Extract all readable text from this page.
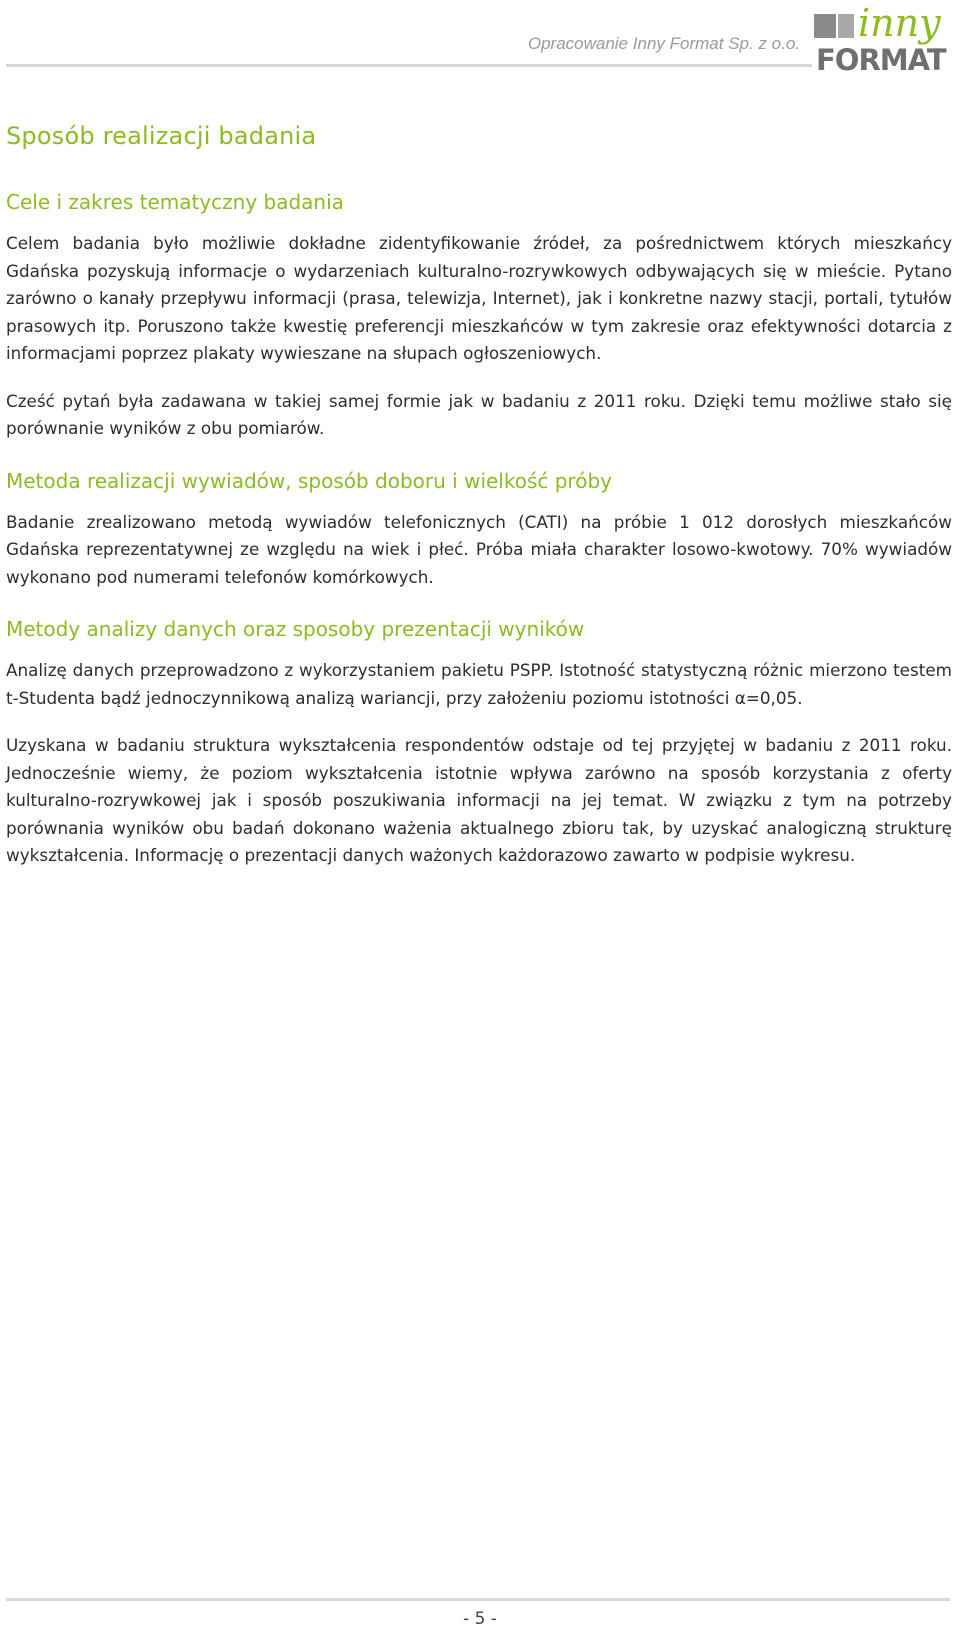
Opracowanie Inny Format Sp. z o.o. inny
FORMAT
Sposób realizacji badania
Cele i zakres tematyczny badania

Celem badania było możliwie dokładne zidentyfikowanie źródeł, za pośrednictwem których mieszkańcy Gdańska pozyskują informacje o wydarzeniach kulturalno-rozrywkowych odbywających się w mieście. Pytano zarówno o kanały przepływu informacji (prasa, telewizja, Internet), jak i konkretne nazwy stacji, portali, tytułów prasowych itp. Poruszono także kwestię preferencji mieszkańców w tym zakresie oraz efektywności dotarcia z informacjami poprzez plakaty wywieszane na słupach ogłoszeniowych.

Cześć pytań była zadawana w takiej samej formie jak w badaniu z 2011 roku. Dzięki temu możliwe stało się porównanie wyników z obu pomiarów.

Metoda realizacji wywiadów, sposób doboru i wielkość próby

Badanie zrealizowano metodą wywiadów telefonicznych (CATI) na próbie 1 012 dorosłych mieszkańców Gdańska reprezentatywnej ze względu na wiek i płeć. Próba miała charakter losowo-kwotowy. 70% wywiadów wykonano pod numerami telefonów komórkowych.

Metody analizy danych oraz sposoby prezentacji wyników

Analizę danych przeprowadzono z wykorzystaniem pakietu PSPP. Istotność statystyczną różnic mierzono testem t-Studenta bądź jednoczynnikową analizą wariancji, przy założeniu poziomu istotności α=0,05.

Uzyskana w badaniu struktura wykształcenia respondentów odstaje od tej przyjętej w badaniu z 2011 roku. Jednocześnie wiemy, że poziom wykształcenia istotnie wpływa zarówno na sposób korzystania z oferty kulturalno-rozrywkowej jak i sposób poszukiwania informacji na jej temat. W związku z tym na potrzeby porównania wyników obu badań dokonano ważenia aktualnego zbioru tak, by uzyskać analogiczną strukturę wykształcenia. Informację o prezentacji danych ważonych każdorazowo zawarto w podpisie wykresu.

- 5 -
